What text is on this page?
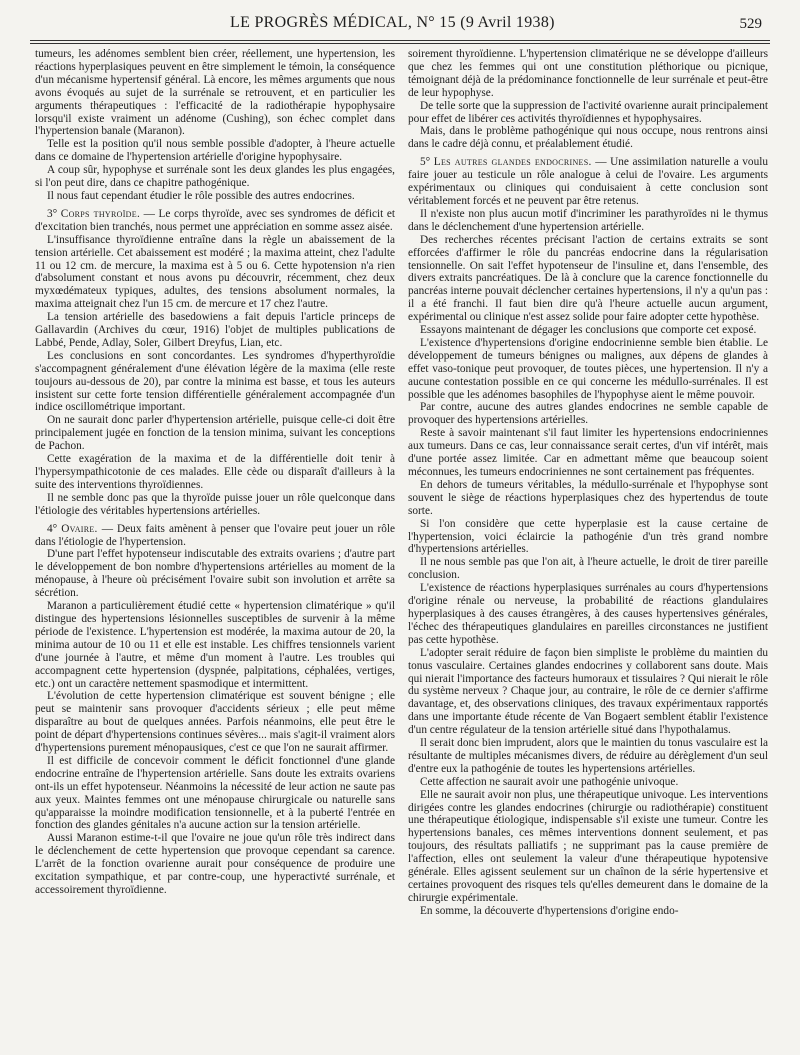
LE PROGRÈS MÉDICAL, N° 15 (9 Avril 1938)	529

tumeurs, les adénomes semblent bien créer, réellement, une hypertension, les réactions hyperplasiques peuvent en être simplement le témoin, la conséquence d'un mécanisme hypertensif général. Là encore, les mêmes arguments que nous avons évoqués au sujet de la surrénale se retrouvent, et en particulier les arguments thérapeutiques : l'efficacité de la radiothérapie hypophysaire lorsqu'il existe vraiment un adénome (Cushing), son échec complet dans l'hypertension banale (Maranon).

Telle est la position qu'il nous semble possible d'adopter, à l'heure actuelle dans ce domaine de l'hypertension artérielle d'origine hypophysaire.

A coup sûr, hypophyse et surrénale sont les deux glandes les plus engagées, si l'on peut dire, dans ce chapitre pathogénique.

Il nous faut cependant étudier le rôle possible des autres endocrines.

3° Corps thyroïde. — Le corps thyroïde, avec ses syndromes de déficit et d'excitation bien tranchés, nous permet une appréciation en somme assez aisée.

L'insuffisance thyroïdienne entraîne dans la règle un abaissement de la tension artérielle. Cet abaissement est modéré ; la maxima atteint, chez l'adulte 11 ou 12 cm. de mercure, la maxima est à 5 ou 6. Cette hypotension n'a rien d'absolument constant et nous avons pu découvrir, récemment, chez deux myxœdémateux typiques, adultes, des tensions absolument normales, la maxima atteignait chez l'un 15 cm. de mercure et 17 chez l'autre.

La tension artérielle des basedowiens a fait depuis l'article princeps de Gallavardin (Archives du cœur, 1916) l'objet de multiples publications de Labbé, Pende, Adlay, Soler, Gilbert Dreyfus, Lian, etc.

Les conclusions en sont concordantes. Les syndromes d'hyperthyroïdie s'accompagnent généralement d'une élévation légère de la maxima (elle reste toujours au-dessous de 20), par contre la minima est basse, et tous les auteurs insistent sur cette forte tension différentielle généralement accompagnée d'un indice oscillométrique important.

On ne saurait donc parler d'hypertension artérielle, puisque celle-ci doit être principalement jugée en fonction de la tension minima, suivant les conceptions de Pachon.

Cette exagération de la maxima et de la différentielle doit tenir à l'hypersympathicotonie de ces malades. Elle cède ou disparaît d'ailleurs à la suite des interventions thyroïdiennes.

Il ne semble donc pas que la thyroïde puisse jouer un rôle quelconque dans l'étiologie des véritables hypertensions artérielles.

4° Ovaire. — Deux faits amènent à penser que l'ovaire peut jouer un rôle dans l'étiologie de l'hypertension.

D'une part l'effet hypotenseur indiscutable des extraits ovariens ; d'autre part le développement de bon nombre d'hypertensions artérielles au moment de la ménopause, à l'heure où précisément l'ovaire subit son involution et arrête sa sécrétion.

Maranon a particulièrement étudié cette « hypertension climatérique » qu'il distingue des hypertensions lésionnelles susceptibles de survenir à la même période de l'existence. L'hypertension est modérée, la maxima autour de 20, la minima autour de 10 ou 11 et elle est instable. Les chiffres tensionnels varient d'une journée à l'autre, et même d'un moment à l'autre. Les troubles qui accompagnent cette hypertension (dyspnée, palpitations, céphalées, vertiges, etc.) ont un caractère nettement spasmodique et intermittent.

L'évolution de cette hypertension climatérique est souvent bénigne ; elle peut se maintenir sans provoquer d'accidents sérieux ; elle peut même disparaître au bout de quelques années. Parfois néanmoins, elle peut être le point de départ d'hypertensions continues sévères... mais s'agit-il vraiment alors d'hypertensions purement ménopausiques, c'est ce que l'on ne saurait affirmer.

Il est difficile de concevoir comment le déficit fonctionnel d'une glande endocrine entraîne de l'hypertension artérielle. Sans doute les extraits ovariens ont-ils un effet hypotenseur. Néanmoins la nécessité de leur action ne saute pas aux yeux. Maintes femmes ont une ménopause chirurgicale ou naturelle sans qu'apparaisse la moindre modification tensionnelle, et à la puberté l'entrée en fonction des glandes génitales n'a aucune action sur la tension artérielle.

Aussi Maranon estime-t-il que l'ovaire ne joue qu'un rôle très indirect dans le déclenchement de cette hypertension que provoque cependant sa carence. L'arrêt de la fonction ovarienne aurait pour conséquence de produire une excitation sympathique, et par contre-coup, une hyperactivté surrénale, et accessoirement thyroïdienne.

soirement thyroïdienne. L'hypertension climatérique ne se développe d'ailleurs que chez les femmes qui ont une constitution pléthorique ou picnique, témoignant déjà de la prédominance fonctionnelle de leur surrénale et peut-être de leur hypophyse.

De telle sorte que la suppression de l'activité ovarienne aurait principalement pour effet de libérer ces activités thyroïdiennes et hypophysaires.

Mais, dans le problème pathogénique qui nous occupe, nous rentrons ainsi dans le cadre déjà connu, et préalablement étudié.

5° Les autres glandes endocrines. — Une assimilation naturelle a voulu faire jouer au testicule un rôle analogue à celui de l'ovaire. Les arguments expérimentaux ou cliniques qui conduisaient à cette conclusion sont véritablement forcés et ne peuvent par être retenus.

Il n'existe non plus aucun motif d'incriminer les parathyroïdes ni le thymus dans le déclenchement d'une hypertension artérielle.

Des recherches récentes précisant l'action de certains extraits se sont efforcées d'affirmer le rôle du pancréas endocrine dans la régularisation tensionnelle. On sait l'effet hypotenseur de l'insuline et, dans l'ensemble, des divers extraits pancréatiques. De là à conclure que la carence fonctionnelle du pancréas interne pouvait déclencher certaines hypertensions, il n'y a qu'un pas : il a été franchi. Il faut bien dire qu'à l'heure actuelle aucun argument, expérimental ou clinique n'est assez solide pour faire adopter cette hypothèse.

Essayons maintenant de dégager les conclusions que comporte cet exposé.

L'existence d'hypertensions d'origine endocrinienne semble bien établie. Le développement de tumeurs bénignes ou malignes, aux dépens de glandes à effet vaso-tonique peut provoquer, de toutes pièces, une hypertension. Il n'y a aucune contestation possible en ce qui concerne les médullo-surrénales. Il est possible que les adénomes basophiles de l'hypophyse aient le même pouvoir.

Par contre, aucune des autres glandes endocrines ne semble capable de provoquer des hypertensions artérielles.

Reste à savoir maintenant s'il faut limiter les hypertensions endocriniennes aux tumeurs. Dans ce cas, leur connaissance serait certes, d'un vif intérêt, mais d'une portée assez limitée. Car en admettant même que beaucoup soient méconnues, les tumeurs endocriniennes ne sont certainement pas fréquentes.

En dehors de tumeurs véritables, la médullo-surrénale et l'hypophyse sont souvent le siège de réactions hyperplasiques chez des hypertendus de toute sorte.

Si l'on considère que cette hyperplasie est la cause certaine de l'hypertension, voici éclaircie la pathogénie d'un très grand nombre d'hypertensions artérielles.

Il ne nous semble pas que l'on ait, à l'heure actuelle, le droit de tirer pareille conclusion.

L'existence de réactions hyperplasiques surrénales au cours d'hypertensions d'origine rénale ou nerveuse, la probabilité de réactions glandulaires hyperplasiques à des causes étrangères, à des causes hypertensives générales, l'échec des thérapeutiques glandulaires en pareilles circonstances ne justifient pas cette hypothèse.

L'adopter serait réduire de façon bien simpliste le problème du maintien du tonus vasculaire. Certaines glandes endocrines y collaborent sans doute. Mais qui nierait l'importance des facteurs humoraux et tissulaires ? Qui nierait le rôle du système nerveux ? Chaque jour, au contraire, le rôle de ce dernier s'affirme davantage, et, des observations cliniques, des travaux expérimentaux rapportés dans une importante étude récente de Van Bogaert semblent établir l'existence d'un centre régulateur de la tension artérielle situé dans l'hypothalamus.

Il serait donc bien imprudent, alors que le maintien du tonus vasculaire est la résultante de multiples mécanismes divers, de réduire au dérèglement d'un seul d'entre eux la pathogénie de toutes les hypertensions artérielles.

Cette affection ne saurait avoir une pathogénie univoque.

Elle ne saurait avoir non plus, une thérapeutique univoque. Les interventions dirigées contre les glandes endocrines (chirurgie ou radiothérapie) constituent une thérapeutique étiologique, indispensable s'il existe une tumeur. Contre les hypertensions banales, ces mêmes interventions donnent seulement, et pas toujours, des résultats palliatifs ; ne supprimant pas la cause première de l'affection, elles ont seulement la valeur d'une thérapeutique hypotensive générale. Elles agissent seulement sur un chaînon de la série hypertensive et certaines provoquent des risques tels qu'elles demeurent dans le domaine de la chirurgie expérimentale.

En somme, la découverte d'hypertensions d'origine endo-
